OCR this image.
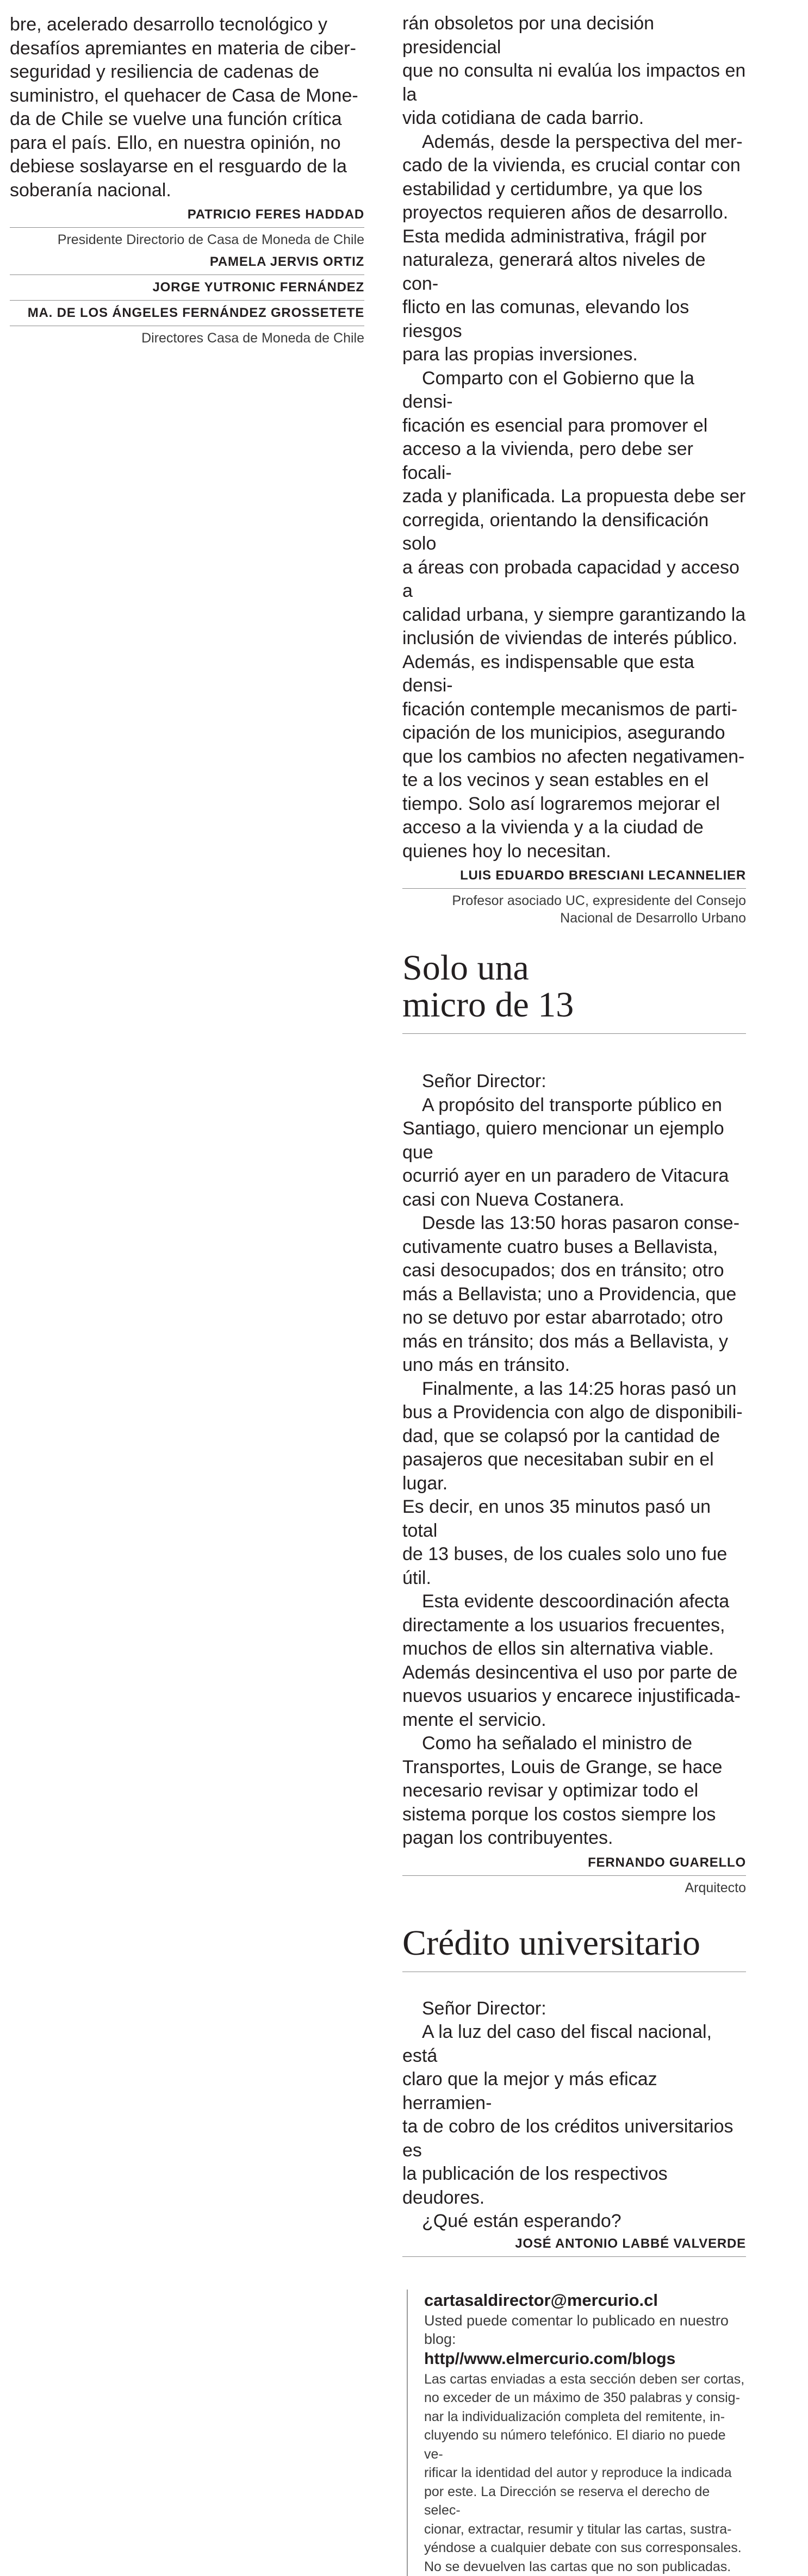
bre, acelerado desarrollo tecnológico y
desafíos apremiantes en materia de ciber-
seguridad y resiliencia de cadenas de
suministro, el quehacer de Casa de Mone-
da de Chile se vuelve una función crítica
para el país. Ello, en nuestra opinión, no
debiese soslayarse en el resguardo de la
soberanía nacional.

PATRICIO FERES HADDAD
Presidente Directorio de Casa de Moneda de Chile
PAMELA JERVIS ORTIZ
JORGE YUTRONIC FERNÁNDEZ
MA. DE LOS ÁNGELES FERNÁNDEZ GROSSETETE
Directores Casa de Moneda de Chile

rán obsoletos por una decisión presidencial
que no consulta ni evalúa los impactos en la
vida cotidiana de cada barrio.
Además, desde la perspectiva del mer-
cado de la vivienda, es crucial contar con
estabilidad y certidumbre, ya que los
proyectos requieren años de desarrollo.
Esta medida administrativa, frágil por
naturaleza, generará altos niveles de con-
flicto en las comunas, elevando los riesgos
para las propias inversiones.
Comparto con el Gobierno que la densi-
ficación es esencial para promover el
acceso a la vivienda, pero debe ser focali-
zada y planificada. La propuesta debe ser
corregida, orientando la densificación solo
a áreas con probada capacidad y acceso a
calidad urbana, y siempre garantizando la
inclusión de viviendas de interés público.
Además, es indispensable que esta densi-
ficación contemple mecanismos de parti-
cipación de los municipios, asegurando
que los cambios no afecten negativamen-
te a los vecinos y sean estables en el
tiempo. Solo así lograremos mejorar el
acceso a la vivienda y a la ciudad de
quienes hoy lo necesitan.

LUIS EDUARDO BRESCIANI LECANNELIER
Profesor asociado UC, expresidente del Consejo
Nacional de Desarrollo Urbano
Solo una
micro de 13

Señor Director:
A propósito del transporte público en
Santiago, quiero mencionar un ejemplo que
ocurrió ayer en un paradero de Vitacura
casi con Nueva Costanera.
Desde las 13:50 horas pasaron conse-
cutivamente cuatro buses a Bellavista,
casi desocupados; dos en tránsito; otro
más a Bellavista; uno a Providencia, que
no se detuvo por estar abarrotado; otro
más en tránsito; dos más a Bellavista, y
uno más en tránsito.
Finalmente, a las 14:25 horas pasó un
bus a Providencia con algo de disponibili-
dad, que se colapsó por la cantidad de
pasajeros que necesitaban subir en el lugar.
Es decir, en unos 35 minutos pasó un total
de 13 buses, de los cuales solo uno fue útil.
Esta evidente descoordinación afecta
directamente a los usuarios frecuentes,
muchos de ellos sin alternativa viable.
Además desincentiva el uso por parte de
nuevos usuarios y encarece injustificada-
mente el servicio.
Como ha señalado el ministro de
Transportes, Louis de Grange, se hace
necesario revisar y optimizar todo el
sistema porque los costos siempre los
pagan los contribuyentes.

FERNANDO GUARELLO
Arquitecto
Crédito universitario

Señor Director:
A la luz del caso del fiscal nacional, está
claro que la mejor y más eficaz herramien-
ta de cobro de los créditos universitarios es
la publicación de los respectivos deudores.
¿Qué están esperando?

JOSÉ ANTONIO LABBÉ VALVERDE
cartasaldirector@mercurio.cl
Usted puede comentar lo publicado en nuestro blog:
http//www.elmercurio.com/blogs
Las cartas enviadas a esta sección deben ser cortas,
no exceder de un máximo de 350 palabras y consig-
nar la individualización completa del remitente, in-
cluyendo su número telefónico. El diario no puede ve-
rificar la identidad del autor y reproduce la indicada
por este. La Dirección se reserva el derecho de selec-
cionar, extractar, resumir y titular las cartas, sustra-
yéndose a cualquier debate con sus corresponsales.
No se devuelven las cartas que no son publicadas.
